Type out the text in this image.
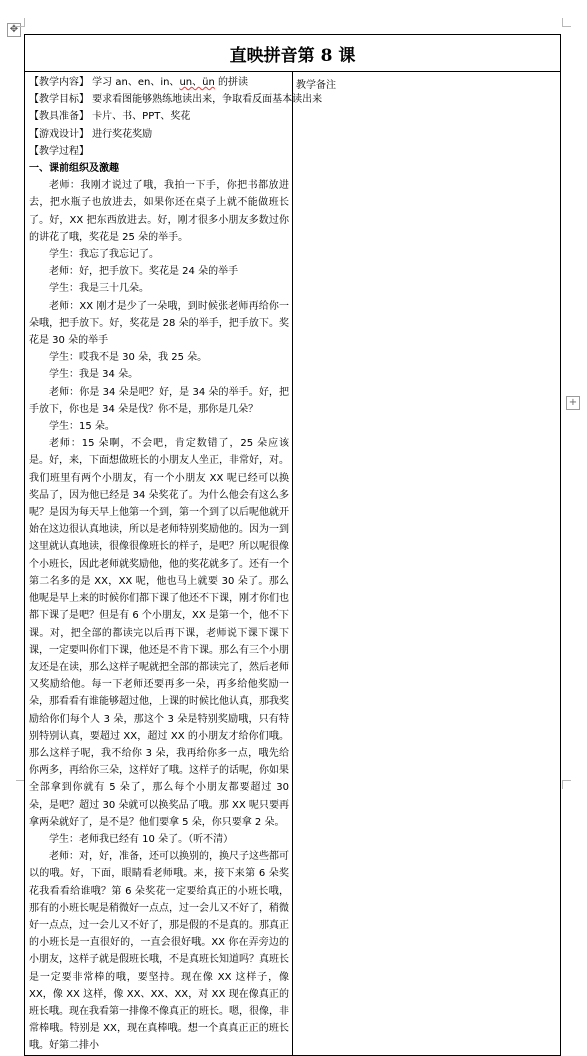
✥
+
直映拼音第 8 课

【教学内容】 学习 an、en、in、un、ün 的拼读
【教学目标】 要求看图能够熟练地读出来，争取看反面基本读出来
【教具准备】 卡片、书、PPT、奖花
【游戏设计】 进行奖花奖励
【教学过程】
一、课前组织及激趣
老师：我刚才说过了哦，我拍一下手，你把书都放进去，把水瓶子也放进去，如果你还在桌子上就不能做班长了。好，XX 把东西放进去。好，刚才很多小朋友多数过你的讲花了哦，奖花是 25 朵的举手。
学生：我忘了我忘记了。
老师：好，把手放下。奖花是 24 朵的举手
学生：我是三十几朵。
老师：XX 刚才是少了一朵哦，到时候张老师再给你一朵哦，把手放下。好，奖花是 28 朵的举手，把手放下。奖花是 30 朵的举手
学生：哎我不是 30 朵，我 25 朵。
学生：我是 34 朵。
老师：你是 34 朵是吧？好，是 34 朵的举手。好，把手放下，你也是 34 朵是伐？你不是，那你是几朵？
学生：15 朵。
老师：15 朵啊，不会吧，肯定数错了，25 朵应该是。好，来，下面想做班长的小朋友人坐正，非常好，对。我们班里有两个小朋友，有一个小朋友 XX 呢已经可以换奖品了，因为他已经是 34 朵奖花了。为什么他会有这么多呢？是因为每天早上他第一个到，第一个到了以后呢他就开始在这边很认真地读，所以是老师特别奖励他的。因为一到这里就认真地读，很像很像班长的样子，是吧？所以呢很像个小班长，因此老师就奖励他，他的奖花就多了。还有一个第二名多的是 XX，XX 呢，他也马上就要 30 朵了。那么他呢是早上来的时候你们都下课了他还不下课，刚才你们也都下课了是吧？但是有 6 个小朋友，XX 是第一个，他不下课。对，把全部的都读完以后再下课，老师说下课下课下课，一定要叫你们下课，他还是不肯下课。那么有三个小朋友还是在读，那么这样子呢就把全部的都读完了，然后老师又奖励给他。每一下老师还要再多一朵，再多给他奖励一朵，那看看有谁能够超过他，上课的时候比他认真，那我奖励给你们每个人 3 朵，那这个 3 朵是特别奖励哦，只有特别特别认真，要超过 XX，超过 XX 的小朋友才给你们哦。那么这样子呢，我不给你 3 朵，我再给你多一点，哦先给你两多，再给你三朵，这样好了哦。这样子的话呢，你如果全部拿到你就有 5 朵了，那么每个小朋友都要超过 30 朵，是吧？超过 30 朵就可以换奖品了哦。那 XX 呢只要再拿两朵就好了，是不是？他们要拿 5 朵，你只要拿 2 朵。
学生：老师我已经有 10 朵了。（听不清）
老师：对，好，准备，还可以换别的，换尺子这些都可以的哦。好，下面，眼睛看老师哦。来，接下来第 6 朵奖花我看看给谁哦？第 6 朵奖花一定要给真正的小班长哦，那有的小班长呢是稍微好一点点，过一会儿又不好了，稍微好一点点，过一会儿又不好了，那是假的不是真的。那真正的小班长是一直很好的，一直会很好哦。XX 你在弄旁边的小朋友，这样子就是假班长哦，不是真班长知道吗？真班长是一定要非常棒的哦，要坚持。现在像 XX 这样子，像 XX，像 XX 这样，像 XX、XX、XX，对 XX 现在像真正的班长哦。现在我看第一排像不像真正的班长。嗯，很像，非常棒哦。特别是 XX，现在真棒哦。想一个真真正正的班长哦。好第二排小

教学备注
